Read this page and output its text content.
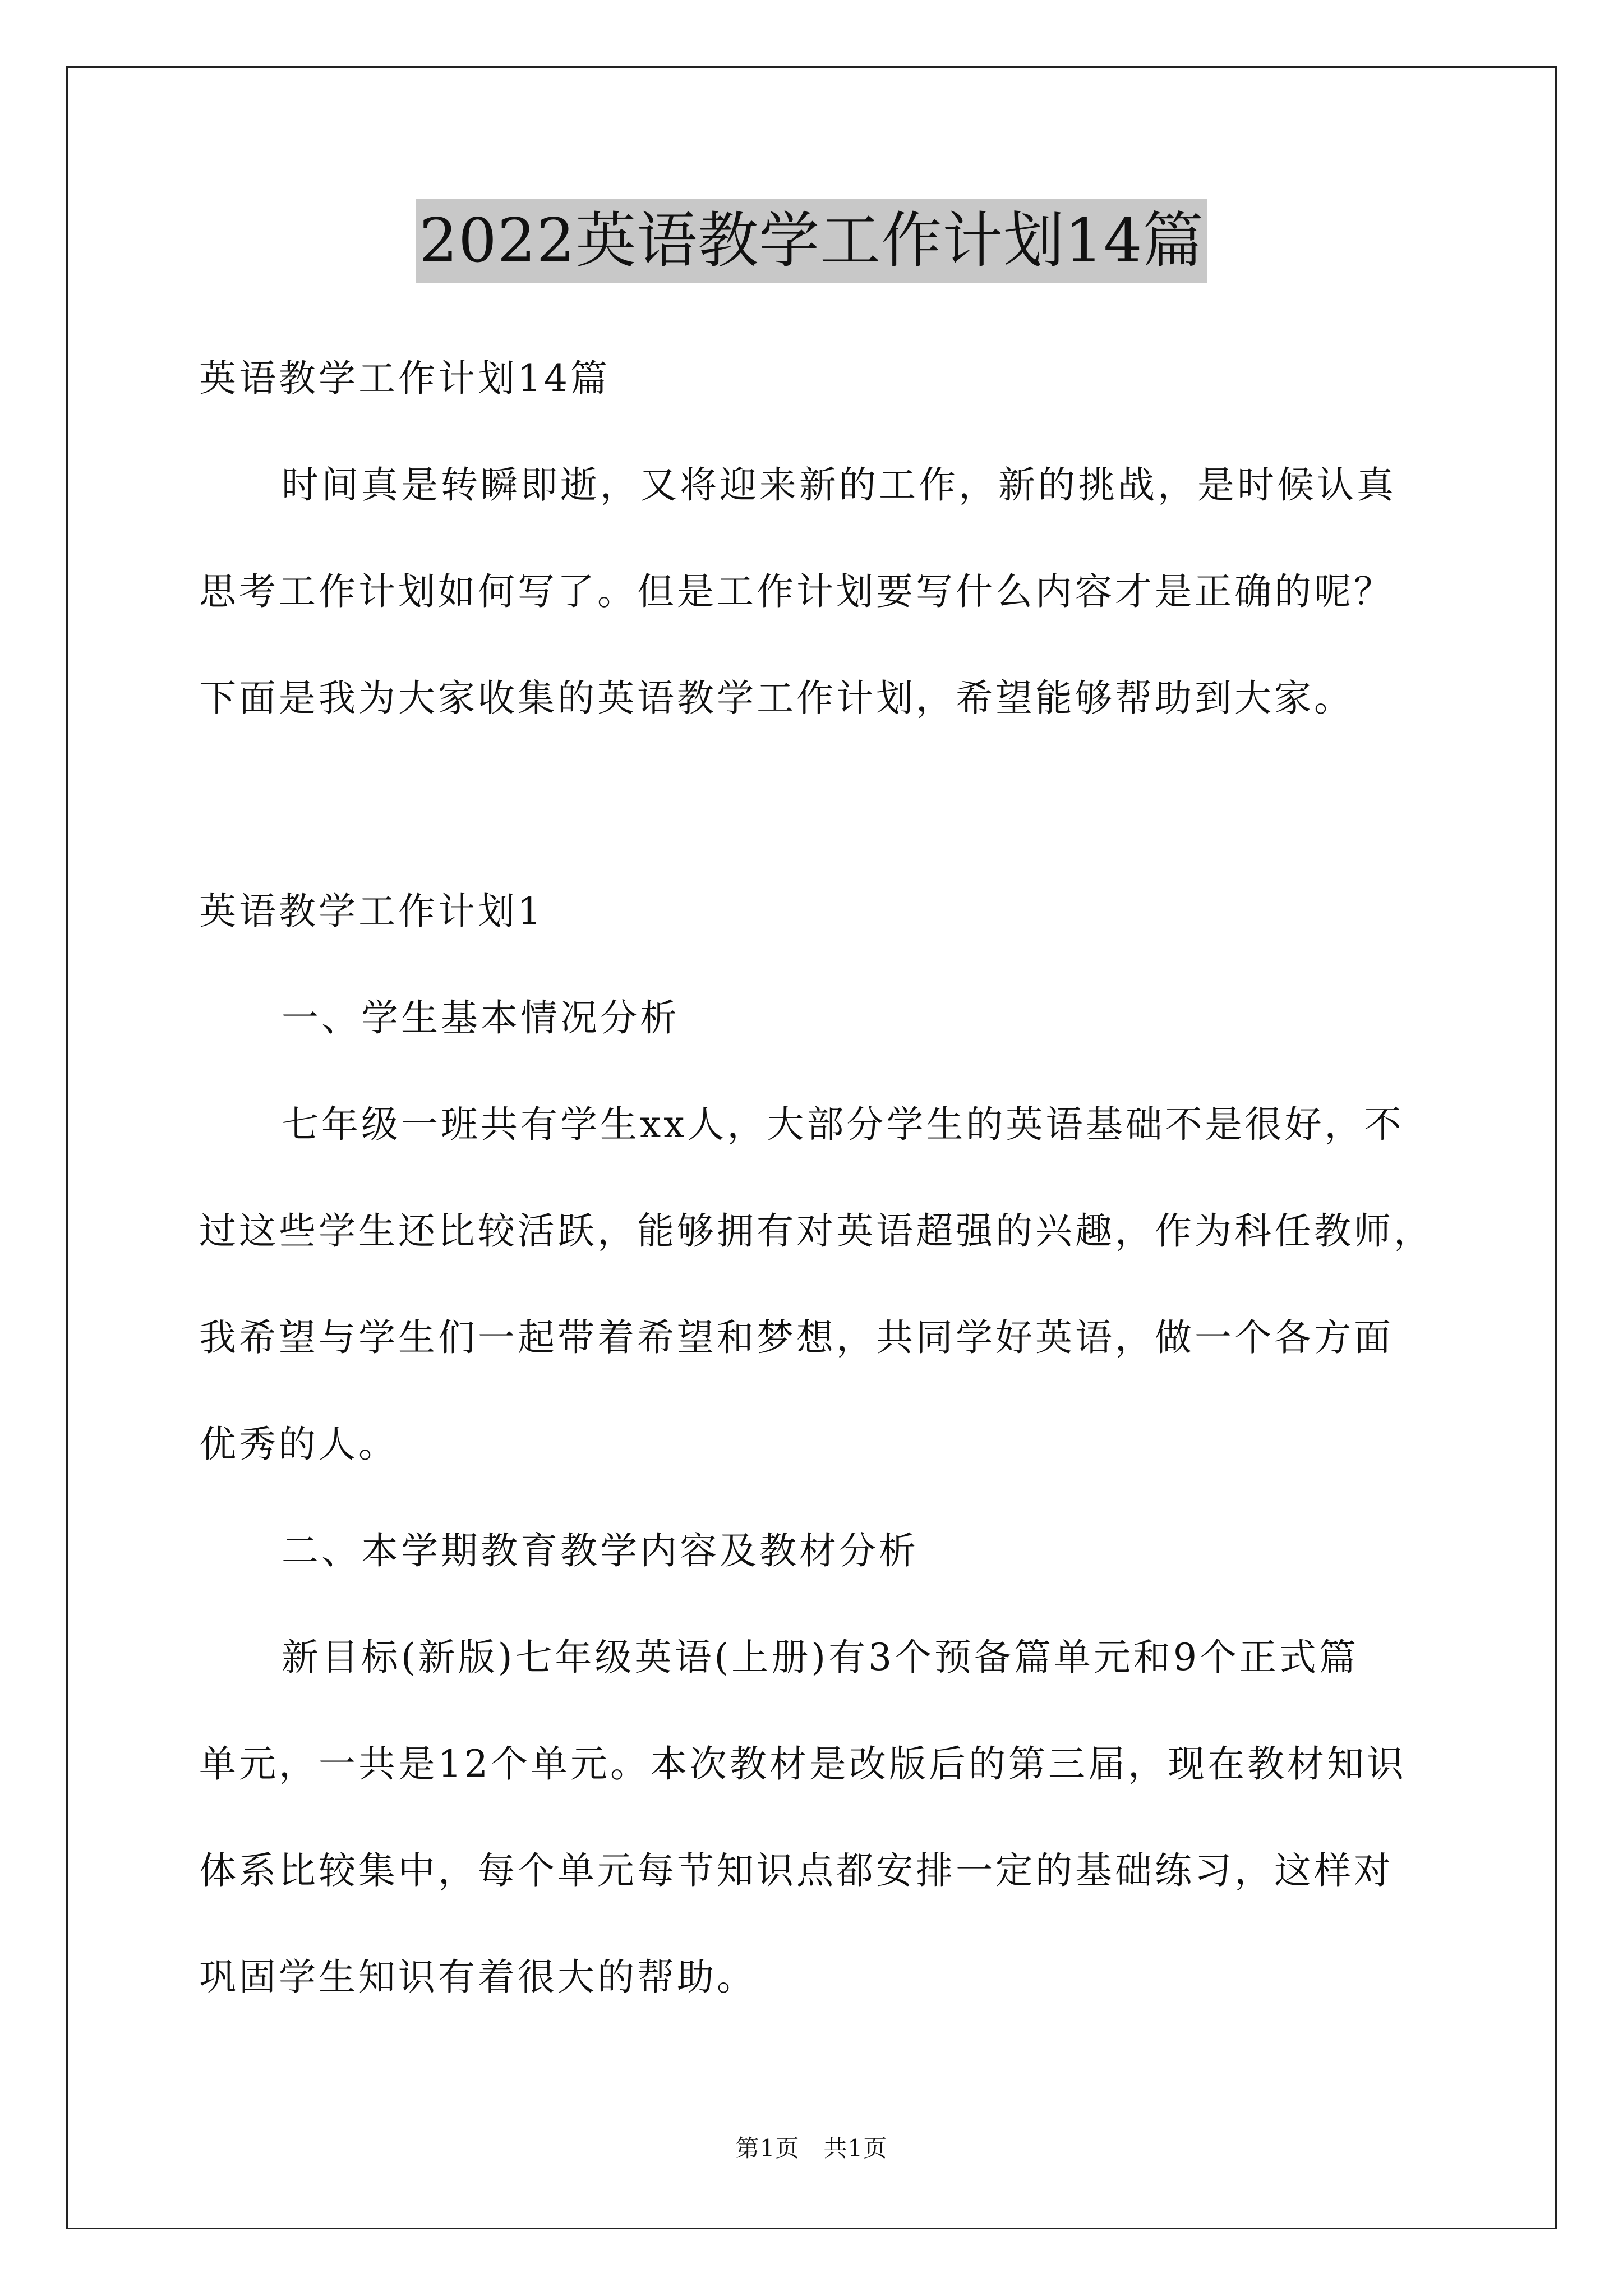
2022英语教学工作计划14篇
英语教学工作计划14篇
时间真是转瞬即逝，又将迎来新的工作，新的挑战，是时候认真
思考工作计划如何写了。但是工作计划要写什么内容才是正确的呢？
下面是我为大家收集的英语教学工作计划，希望能够帮助到大家。
英语教学工作计划1
一、学生基本情况分析
七年级一班共有学生xx人，大部分学生的英语基础不是很好，不
过这些学生还比较活跃，能够拥有对英语超强的兴趣，作为科任教师，
我希望与学生们一起带着希望和梦想，共同学好英语，做一个各方面
优秀的人。
二、本学期教育教学内容及教材分析
新目标(新版)七年级英语(上册)有3个预备篇单元和9个正式篇
单元，一共是12个单元。本次教材是改版后的第三届，现在教材知识
体系比较集中，每个单元每节知识点都安排一定的基础练习，这样对
巩固学生知识有着很大的帮助。
第1页　共1页
